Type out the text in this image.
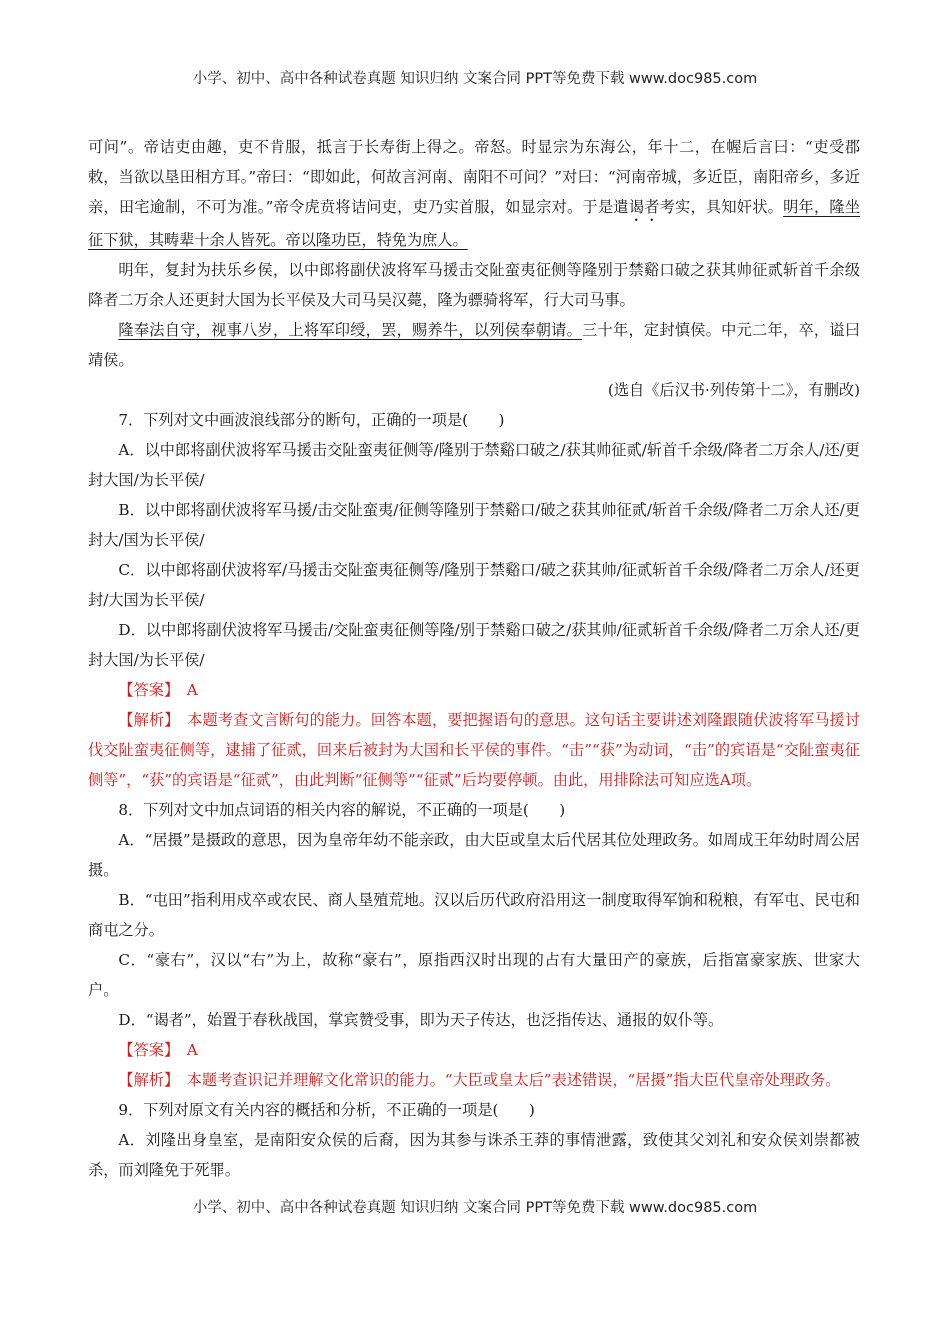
小学、初中、高中各种试卷真题 知识归纳 文案合同 PPT等免费下载 www.doc985.com

可问”。帝诘吏由趣，吏不肯服，抵言于长寿街上得之。帝怒。时显宗为东海公，年十二，在幄后言曰：“吏受郡敕，当欲以垦田相方耳。”帝曰：“即如此，何故言河南、南阳不可问？”对曰：“河南帝城，多近臣，南阳帝乡，多近亲，田宅逾制，不可为准。”帝令虎贲将诘问吏，吏乃实首服，如显宗对。于是遣谒者考实，具知奸状。明年，隆坐征下狱，其畴辈十余人皆死。帝以隆功臣，特免为庶人。

明年，复封为扶乐乡侯，以中郎将副伏波将军马援击交阯蛮夷征侧等隆别于禁谿口破之获其帅征贰斩首千余级降者二万余人还更封大国为长平侯及大司马吴汉薨，隆为骠骑将军，行大司马事。

隆奉法自守，视事八岁，上将军印绶，罢，赐养牛，以列侯奉朝请。三十年，定封慎侯。中元二年，卒，谥曰靖侯。

(选自《后汉书·列传第十二》，有删改)

7．下列对文中画波浪线部分的断句，正确的一项是(　　)

A．以中郎将副伏波将军马援击交阯蛮夷征侧等/隆别于禁谿口破之/获其帅征贰/斩首千余级/降者二万余人/还/更封大国/为长平侯/

B．以中郎将副伏波将军马援/击交阯蛮夷/征侧等隆别于禁谿口/破之获其帅征贰/斩首千余级/降者二万余人还/更封大/国为长平侯/

C．以中郎将副伏波将军/马援击交阯蛮夷征侧等/隆别于禁谿口/破之获其帅/征贰斩首千余级/降者二万余人/还更封/大国为长平侯/

D．以中郎将副伏波将军马援击/交阯蛮夷征侧等隆/别于禁谿口破之/获其帅/征贰斩首千余级/降者二万余人还/更封大国/为长平侯/

【答案】　 A

【解析】　 本题考查文言断句的能力。回答本题，要把握语句的意思。这句话主要讲述刘隆跟随伏波将军马援讨伐交阯蛮夷征侧等，逮捕了征贰，回来后被封为大国和长平侯的事件。“击”“获”为动词，“击”的宾语是“交阯蛮夷征侧等”，“获”的宾语是“征贰”，由此判断“征侧等”“征贰”后均要停顿。由此，用排除法可知应选A项。

8．下列对文中加点词语的相关内容的解说，不正确的一项是(　　)

A．“居摄”是摄政的意思，因为皇帝年幼不能亲政，由大臣或皇太后代居其位处理政务。如周成王年幼时周公居摄。

B．“屯田”指利用戍卒或农民、商人垦殖荒地。汉以后历代政府沿用这一制度取得军饷和税粮，有军屯、民屯和商屯之分。

C．“豪右”，汉以“右”为上，故称“豪右”，原指西汉时出现的占有大量田产的豪族，后指富豪家族、世家大户。

D．“谒者”，始置于春秋战国，掌宾赞受事，即为天子传达，也泛指传达、通报的奴仆等。

【答案】　 A

【解析】　 本题考查识记并理解文化常识的能力。“大臣或皇太后”表述错误，“居摄”指大臣代皇帝处理政务。

9．下列对原文有关内容的概括和分析，不正确的一项是(　　)

A．刘隆出身皇室，是南阳安众侯的后裔，因为其参与诛杀王莽的事情泄露，致使其父刘礼和安众侯刘崇都被杀，而刘隆免于死罪。

小学、初中、高中各种试卷真题 知识归纳 文案合同 PPT等免费下载 www.doc985.com
